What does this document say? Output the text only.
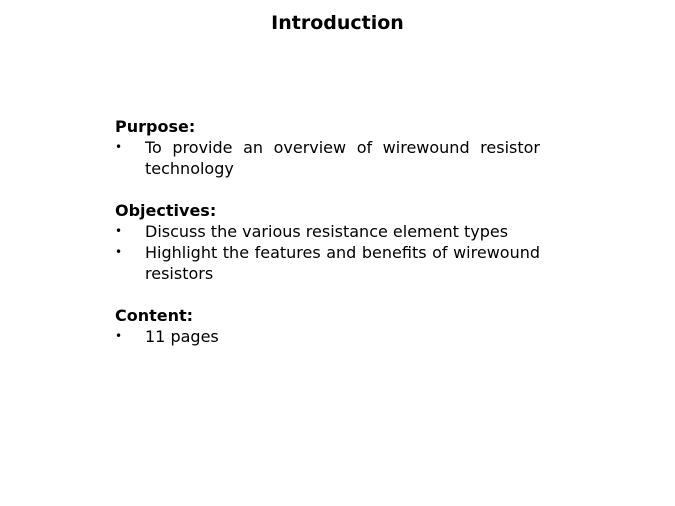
Introduction

Purpose:

• To provide an overview of wirewound resistor technology

Objectives:

• Discuss the various resistance element types
• Highlight the features and benefits of wirewound resistors

Content:

• 11 pages
